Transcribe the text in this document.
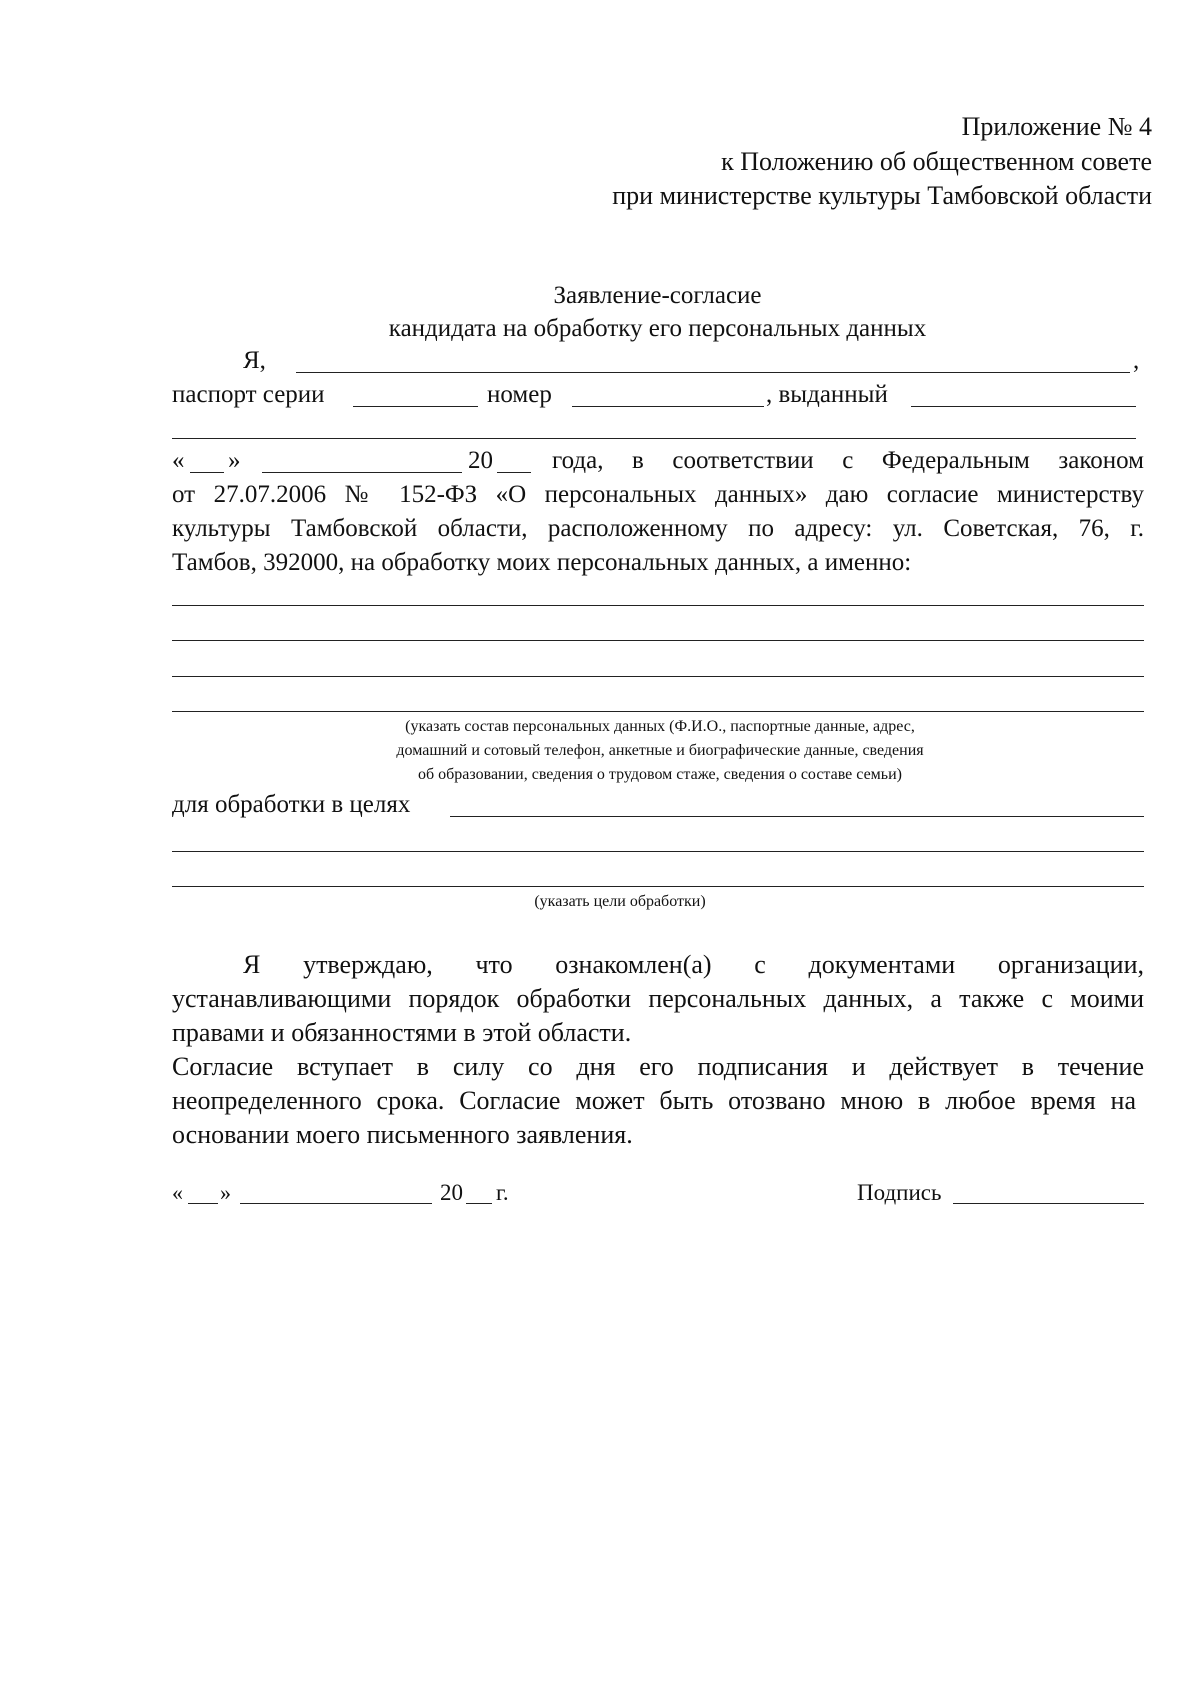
Приложение № 4
к Положению об общественном совете
при министерстве культуры Тамбовской области
Заявление-согласие
кандидата на обработку его персональных данных
Я,	,
паспорт серии	номер	, выданный
« »	20 года, в соответствии с Федеральным законом
от 27.07.2006 № 152-ФЗ «О персональных данных» даю согласие министерству
культуры Тамбовской области, расположенному по адресу: ул. Советская, 76, г.
Тамбов, 392000, на обработку моих персональных данных, а именно:
(указать состав персональных данных (Ф.И.О., паспортные данные, адрес,
домашний и сотовый телефон, анкетные и биографические данные, сведения
об образовании, сведения о трудовом стаже, сведения о составе семьи)
для обработки в целях
(указать цели обработки)
Я утверждаю, что ознакомлен(а) с документами организации,
устанавливающими порядок обработки персональных данных, а также с моими
правами и обязанностями в этой области.
Согласие вступает в силу со дня его подписания и действует в течение
неопределенного срока. Согласие может быть отозвано мною в любое время на
основании моего письменного заявления.
« »	20 г.	Подпись
